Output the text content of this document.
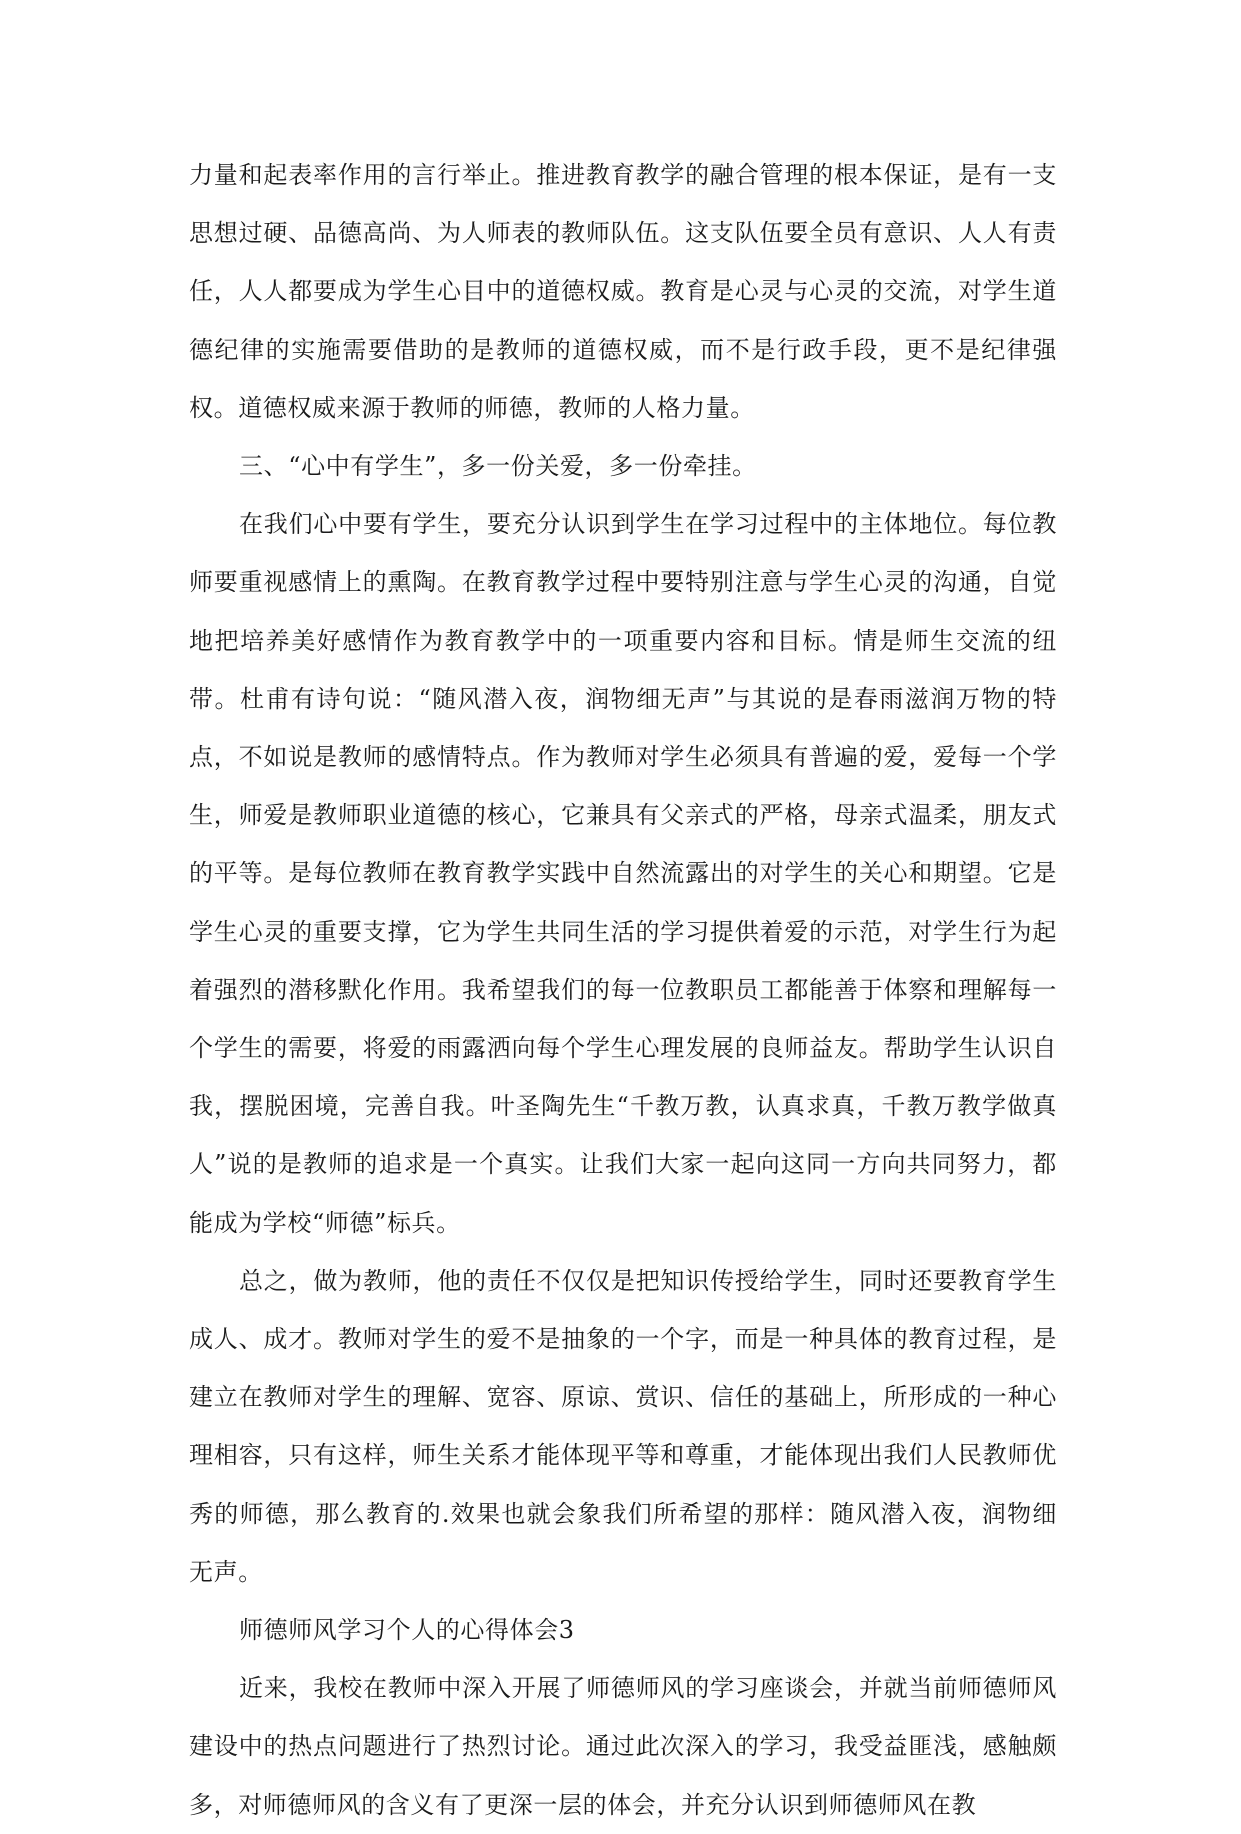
力量和起表率作用的言行举止。推进教育教学的融合管理的根本保证，是有一支思想过硬、品德高尚、为人师表的教师队伍。这支队伍要全员有意识、人人有责任，人人都要成为学生心目中的道德权威。教育是心灵与心灵的交流，对学生道德纪律的实施需要借助的是教师的道德权威，而不是行政手段，更不是纪律强权。道德权威来源于教师的师德，教师的人格力量。

三、“心中有学生”，多一份关爱，多一份牵挂。

在我们心中要有学生，要充分认识到学生在学习过程中的主体地位。每位教师要重视感情上的熏陶。在教育教学过程中要特别注意与学生心灵的沟通，自觉地把培养美好感情作为教育教学中的一项重要内容和目标。情是师生交流的纽带。杜甫有诗句说：“随风潜入夜，润物细无声”与其说的是春雨滋润万物的特点，不如说是教师的感情特点。作为教师对学生必须具有普遍的爱，爱每一个学生，师爱是教师职业道德的核心，它兼具有父亲式的严格，母亲式温柔，朋友式的平等。是每位教师在教育教学实践中自然流露出的对学生的关心和期望。它是学生心灵的重要支撑，它为学生共同生活的学习提供着爱的示范，对学生行为起着强烈的潜移默化作用。我希望我们的每一位教职员工都能善于体察和理解每一个学生的需要，将爱的雨露洒向每个学生心理发展的良师益友。帮助学生认识自我，摆脱困境，完善自我。叶圣陶先生“千教万教，认真求真，千教万教学做真人”说的是教师的追求是一个真实。让我们大家一起向这同一方向共同努力，都能成为学校“师德”标兵。

总之，做为教师，他的责任不仅仅是把知识传授给学生，同时还要教育学生成人、成才。教师对学生的爱不是抽象的一个字，而是一种具体的教育过程，是建立在教师对学生的理解、宽容、原谅、赏识、信任的基础上，所形成的一种心理相容，只有这样，师生关系才能体现平等和尊重，才能体现出我们人民教师优秀的师德，那么教育的.效果也就会象我们所希望的那样：随风潜入夜，润物细无声。

师德师风学习个人的心得体会3

近来，我校在教师中深入开展了师德师风的学习座谈会，并就当前师德师风建设中的热点问题进行了热烈讨论。通过此次深入的学习，我受益匪浅，感触颇多，对师德师风的含义有了更深一层的体会，并充分认识到师德师风在教
